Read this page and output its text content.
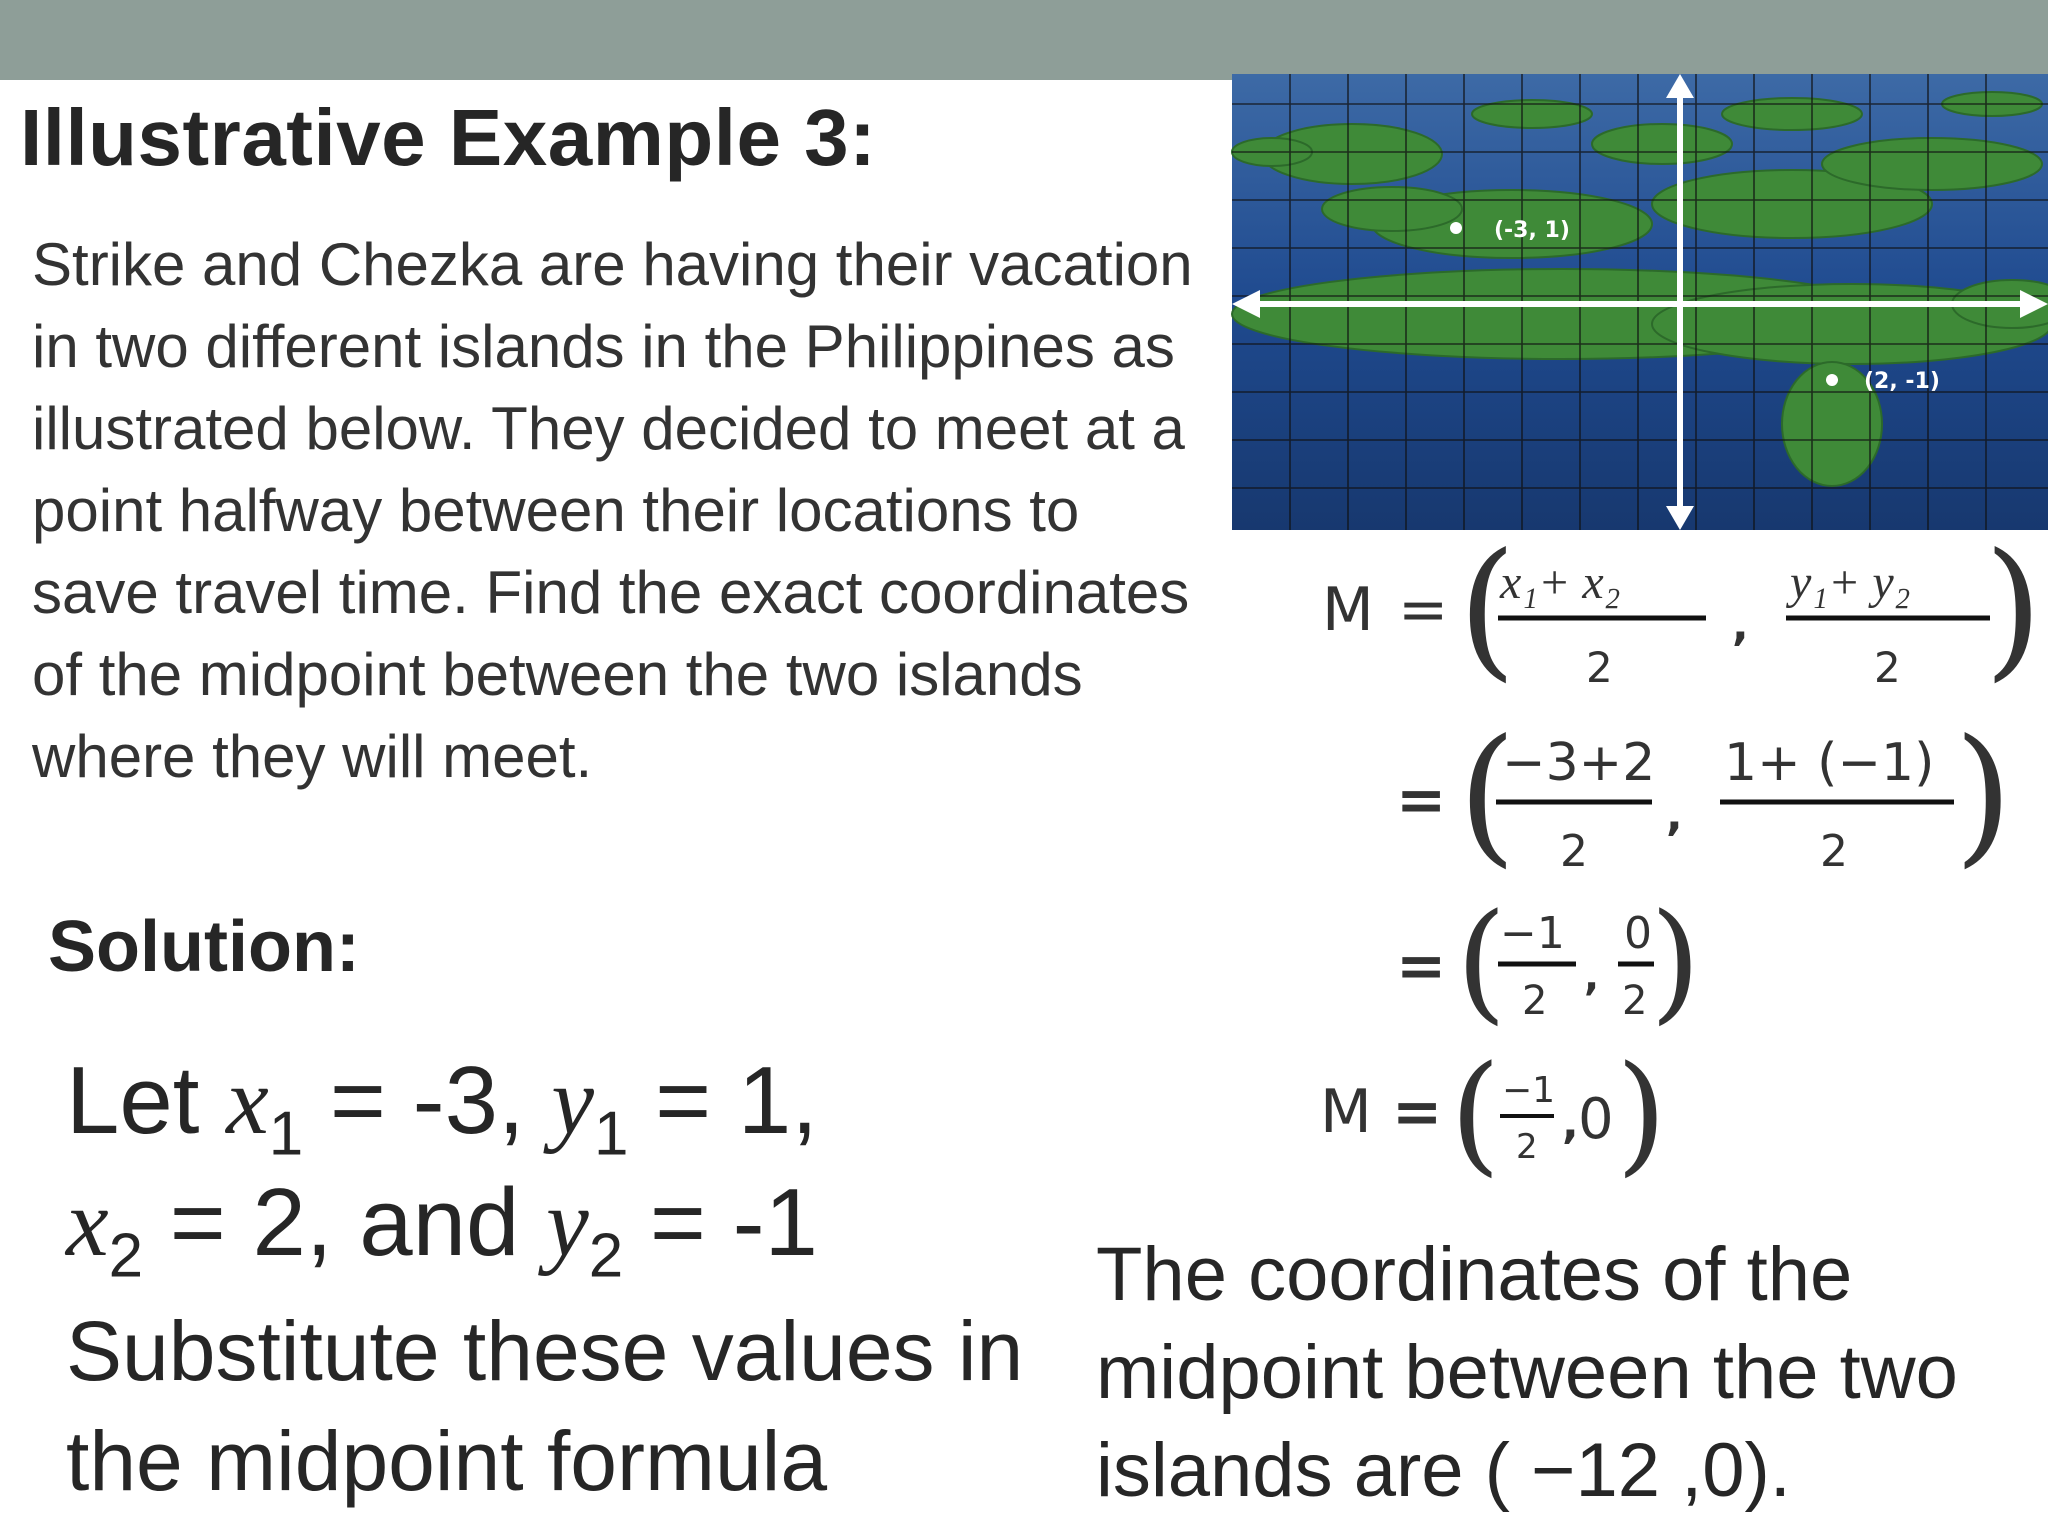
Illustrative Example 3:

Strike and Chezka are having their vacation in two different islands in the Philippines as illustrated below. They decided to meet at a point halfway between their locations to save travel time. Find the exact coordinates of the midpoint between the two islands where they will meet.

(-3, 1)
(2, -1)
M = (
x₁+ x₂
2
,
y₁+ y₂
2 )
= (
−3+2
2
,
1+ (−1)
2 )
= (
−1
2
,
0
2 )
M = ( −1
2 , 0 )
Solution:
Let $x_1 = -3$, $y_1 = 1$,
$x_2 = 2$, and $y_2 = -1$
Substitute these values in the midpoint formula
The coordinates of the midpoint between the two islands are ( −12 ,0).
